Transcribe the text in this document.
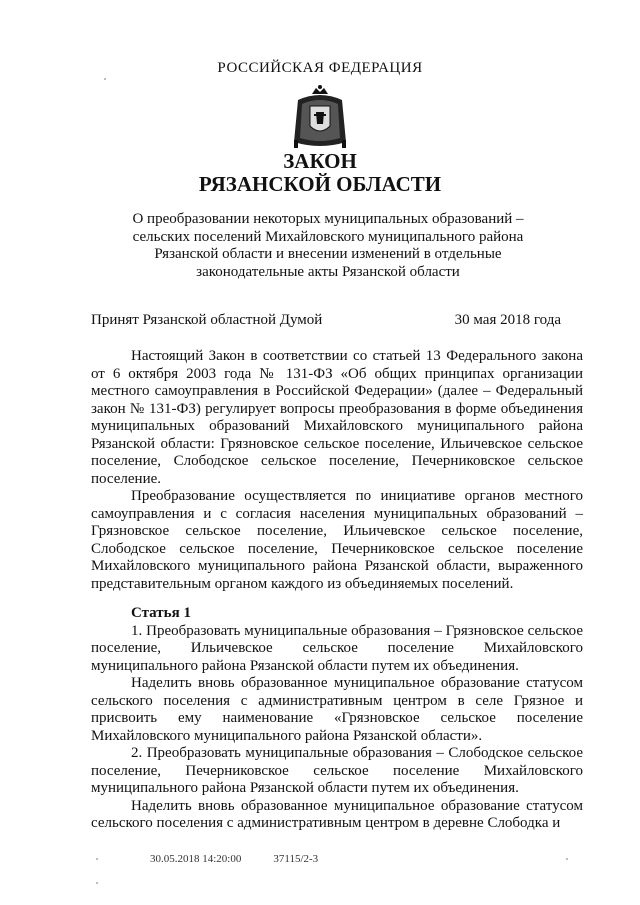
РОССИЙСКАЯ ФЕДЕРАЦИЯ
ЗАКОН
РЯЗАНСКОЙ ОБЛАСТИ
О преобразовании некоторых муниципальных образований – сельских поселений Михайловского муниципального района Рязанской области и внесении изменений в отдельные законодательные акты Рязанской области
Принят Рязанской областной Думой	30 мая 2018 года

Настоящий Закон в соответствии со статьей 13 Федерального закона от 6 октября 2003 года № 131-ФЗ «Об общих принципах организации местного самоуправления в Российской Федерации» (далее – Федеральный закон № 131-ФЗ) регулирует вопросы преобразования в форме объединения муниципальных образований Михайловского муниципального района Рязанской области: Грязновское сельское поселение, Ильичевское сельское поселение, Слободское сельское поселение, Печерниковское сельское поселение.

Преобразование осуществляется по инициативе органов местного самоуправления и с согласия населения муниципальных образований – Грязновское сельское поселение, Ильичевское сельское поселение, Слободское сельское поселение, Печерниковское сельское поселение Михайловского муниципального района Рязанской области, выраженного представительным органом каждого из объединяемых поселений.

Статья 1

1. Преобразовать муниципальные образования – Грязновское сельское поселение, Ильичевское сельское поселение Михайловского муниципального района Рязанской области путем их объединения.

Наделить вновь образованное муниципальное образование статусом сельского поселения с административным центром в селе Грязное и присвоить ему наименование «Грязновское сельское поселение Михайловского муниципального района Рязанской области».

2. Преобразовать муниципальные образования – Слободское сельское поселение, Печерниковское сельское поселение Михайловского муниципального района Рязанской области путем их объединения.

Наделить вновь образованное муниципальное образование статусом сельского поселения с административным центром в деревне Слободка и

30.05.2018 14:20:00	37115/2-3
